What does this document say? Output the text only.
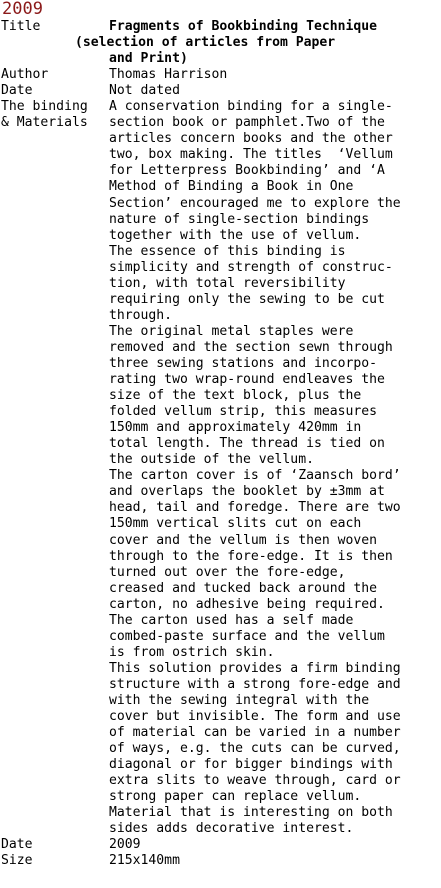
2009
Title	Fragments of Bookbinding Technique
(selection of articles from Paper
and Print)
Author	Thomas Harrison
Date	Not dated
The binding	A conservation binding for a single-
& Materials	section book or pamphlet.Two of the
articles concern books and the other
two, box making. The titles  ‘Vellum
for Letterpress Bookbinding’ and ‘A
Method of Binding a Book in One
Section’ encouraged me to explore the
nature of single-section bindings
together with the use of vellum.
The essence of this binding is
simplicity and strength of construc-
tion, with total reversibility
requiring only the sewing to be cut
through.
The original metal staples were
removed and the section sewn through
three sewing stations and incorpo-
rating two wrap-round endleaves the
size of the text block, plus the
folded vellum strip, this measures
150mm and approximately 420mm in
total length. The thread is tied on
the outside of the vellum.
The carton cover is of ‘Zaansch bord’
and overlaps the booklet by ±3mm at
head, tail and foredge. There are two
150mm vertical slits cut on each
cover and the vellum is then woven
through to the fore-edge. It is then
turned out over the fore-edge,
creased and tucked back around the
carton, no adhesive being required.
The carton used has a self made
combed-paste surface and the vellum
is from ostrich skin.
This solution provides a firm binding
structure with a strong fore-edge and
with the sewing integral with the
cover but invisible. The form and use
of material can be varied in a number
of ways, e.g. the cuts can be curved,
diagonal or for bigger bindings with
extra slits to weave through, card or
strong paper can replace vellum.
Material that is interesting on both
sides adds decorative interest.
Date	2009
Size	215x140mm
